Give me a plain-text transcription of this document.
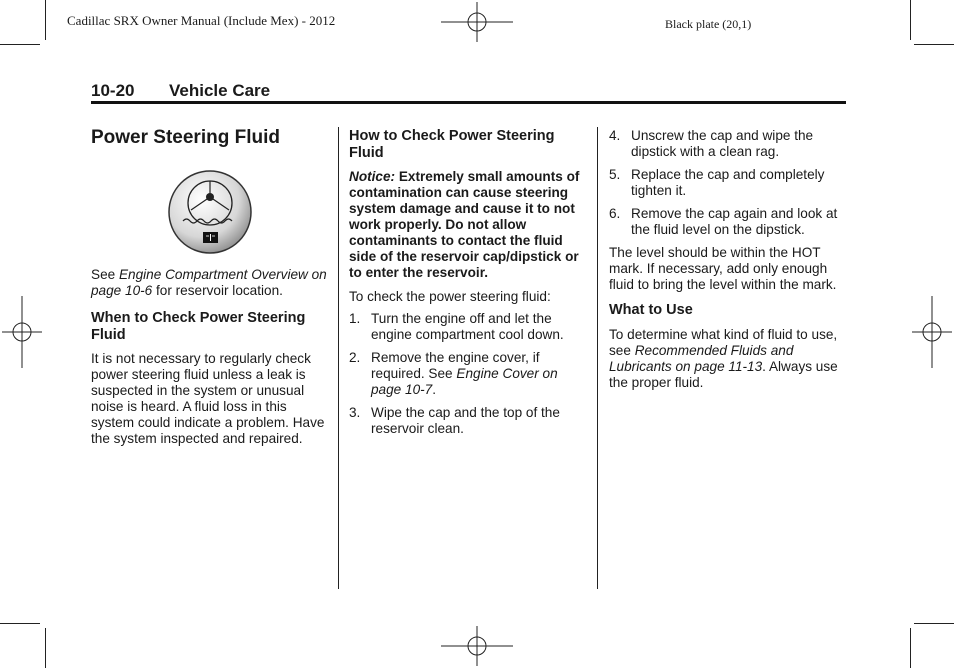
Cadillac SRX Owner Manual (Include Mex) - 2012	Black plate (20,1)
10-20 Vehicle Care
Power Steering Fluid

See Engine Compartment Overview on page 10-6 for reservoir location.

When to Check Power Steering Fluid

It is not necessary to regularly check power steering fluid unless a leak is suspected in the system or unusual noise is heard. A fluid loss in this system could indicate a problem. Have the system inspected and repaired.

How to Check Power Steering Fluid

Notice: Extremely small amounts of contamination can cause steering system damage and cause it to not work properly. Do not allow contaminants to contact the fluid side of the reservoir cap/dipstick or to enter the reservoir.

To check the power steering fluid:

1. Turn the engine off and let the engine compartment cool down.
2. Remove the engine cover, if required. See Engine Cover on page 10-7.
3. Wipe the cap and the top of the reservoir clean.
4. Unscrew the cap and wipe the dipstick with a clean rag.
5. Replace the cap and completely tighten it.
6. Remove the cap again and look at the fluid level on the dipstick.

The level should be within the HOT mark. If necessary, add only enough fluid to bring the level within the mark.

What to Use

To determine what kind of fluid to use, see Recommended Fluids and Lubricants on page 11-13. Always use the proper fluid.
